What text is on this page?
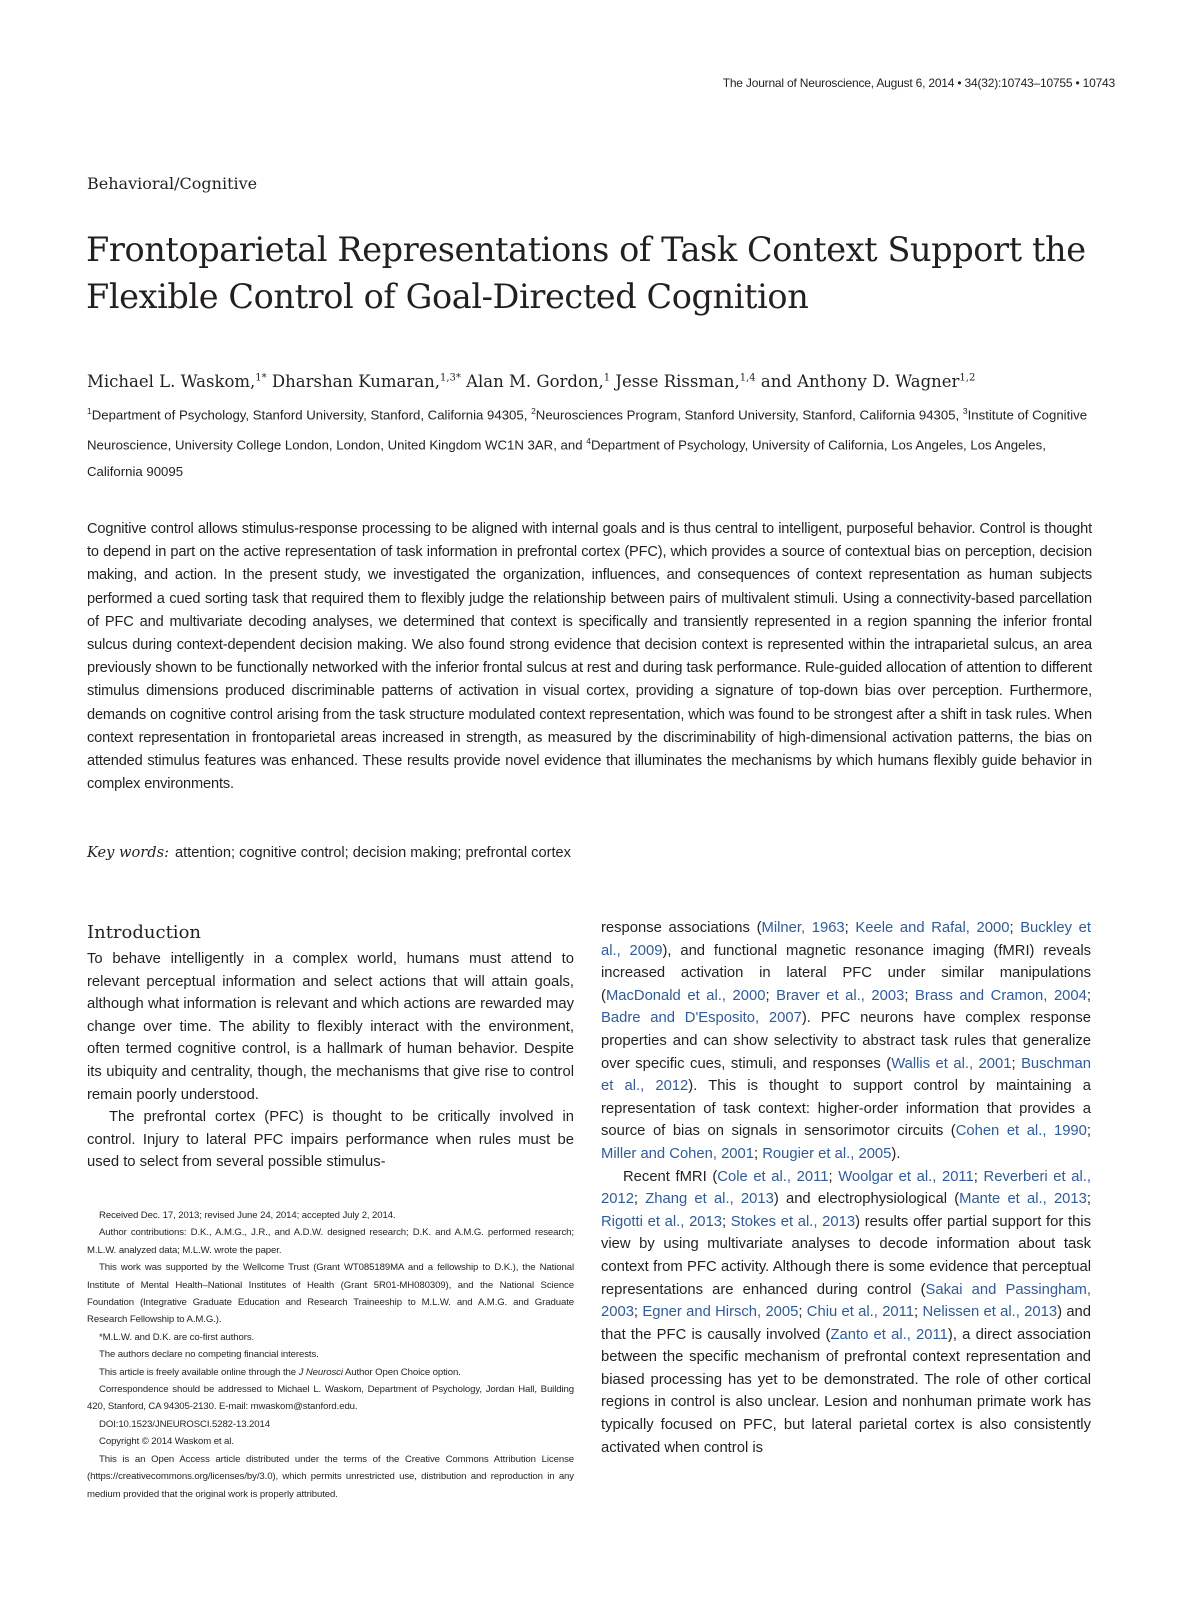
The Journal of Neuroscience, August 6, 2014 • 34(32):10743–10755 • 10743
Behavioral/Cognitive
Frontoparietal Representations of Task Context Support the Flexible Control of Goal-Directed Cognition
Michael L. Waskom,$^{1*}$ Dharshan Kumaran,$^{1,3*}$ Alan M. Gordon,$^1$ Jesse Rissman,$^{1,4}$ and Anthony D. Wagner$^{1,2}$
$^1$Department of Psychology, Stanford University, Stanford, California 94305, $^2$Neurosciences Program, Stanford University, Stanford, California 94305, $^3$Institute of Cognitive Neuroscience, University College London, London, United Kingdom WC1N 3AR, and $^4$Department of Psychology, University of California, Los Angeles, Los Angeles, California 90095

Cognitive control allows stimulus-response processing to be aligned with internal goals and is thus central to intelligent, purposeful behavior. Control is thought to depend in part on the active representation of task information in prefrontal cortex (PFC), which provides a source of contextual bias on perception, decision making, and action. In the present study, we investigated the organization, influences, and consequences of context representation as human subjects performed a cued sorting task that required them to flexibly judge the relationship between pairs of multivalent stimuli. Using a connectivity-based parcellation of PFC and multivariate decoding analyses, we determined that context is specifically and transiently represented in a region spanning the inferior frontal sulcus during context-dependent decision making. We also found strong evidence that decision context is represented within the intraparietal sulcus, an area previously shown to be functionally networked with the inferior frontal sulcus at rest and during task performance. Rule-guided allocation of attention to different stimulus dimensions produced discriminable patterns of activation in visual cortex, providing a signature of top-down bias over perception. Furthermore, demands on cognitive control arising from the task structure modulated context representation, which was found to be strongest after a shift in task rules. When context representation in frontoparietal areas increased in strength, as measured by the discriminability of high-dimensional activation patterns, the bias on attended stimulus features was enhanced. These results provide novel evidence that illuminates the mechanisms by which humans flexibly guide behavior in complex environments.

Key words: attention; cognitive control; decision making; prefrontal cortex
Introduction

To behave intelligently in a complex world, humans must attend to relevant perceptual information and select actions that will attain goals, although what information is relevant and which actions are rewarded may change over time. The ability to flexibly interact with the environment, often termed cognitive control, is a hallmark of human behavior. Despite its ubiquity and centrality, though, the mechanisms that give rise to control remain poorly understood.

The prefrontal cortex (PFC) is thought to be critically involved in control. Injury to lateral PFC impairs performance when rules must be used to select from several possible stimulus-

response associations (Milner, 1963; Keele and Rafal, 2000; Buckley et al., 2009), and functional magnetic resonance imaging (fMRI) reveals increased activation in lateral PFC under similar manipulations (MacDonald et al., 2000; Braver et al., 2003; Brass and Cramon, 2004; Badre and D'Esposito, 2007). PFC neurons have complex response properties and can show selectivity to abstract task rules that generalize over specific cues, stimuli, and responses (Wallis et al., 2001; Buschman et al., 2012). This is thought to support control by maintaining a representation of task context: higher-order information that provides a source of bias on signals in sensorimotor circuits (Cohen et al., 1990; Miller and Cohen, 2001; Rougier et al., 2005).

Recent fMRI (Cole et al., 2011; Woolgar et al., 2011; Reverberi et al., 2012; Zhang et al., 2013) and electrophysiological (Mante et al., 2013; Rigotti et al., 2013; Stokes et al., 2013) results offer partial support for this view by using multivariate analyses to decode information about task context from PFC activity. Although there is some evidence that perceptual representations are enhanced during control (Sakai and Passingham, 2003; Egner and Hirsch, 2005; Chiu et al., 2011; Nelissen et al., 2013) and that the PFC is causally involved (Zanto et al., 2011), a direct association between the specific mechanism of prefrontal context representation and biased processing has yet to be demonstrated. The role of other cortical regions in control is also unclear. Lesion and nonhuman primate work has typically focused on PFC, but lateral parietal cortex is also consistently activated when control is

Received Dec. 17, 2013; revised June 24, 2014; accepted July 2, 2014.

Author contributions: D.K., A.M.G., J.R., and A.D.W. designed research; D.K. and A.M.G. performed research; M.L.W. analyzed data; M.L.W. wrote the paper.

This work was supported by the Wellcome Trust (Grant WT085189MA and a fellowship to D.K.), the National Institute of Mental Health–National Institutes of Health (Grant 5R01-MH080309), and the National Science Foundation (Integrative Graduate Education and Research Traineeship to M.L.W. and A.M.G. and Graduate Research Fellowship to A.M.G.).

*M.L.W. and D.K. are co-first authors.

The authors declare no competing financial interests.

This article is freely available online through the J Neurosci Author Open Choice option.

Correspondence should be addressed to Michael L. Waskom, Department of Psychology, Jordan Hall, Building 420, Stanford, CA 94305-2130. E-mail: mwaskom@stanford.edu.

DOI:10.1523/JNEUROSCI.5282-13.2014

Copyright © 2014 Waskom et al.

This is an Open Access article distributed under the terms of the Creative Commons Attribution License (https://creativecommons.org/licenses/by/3.0), which permits unrestricted use, distribution and reproduction in any medium provided that the original work is properly attributed.
